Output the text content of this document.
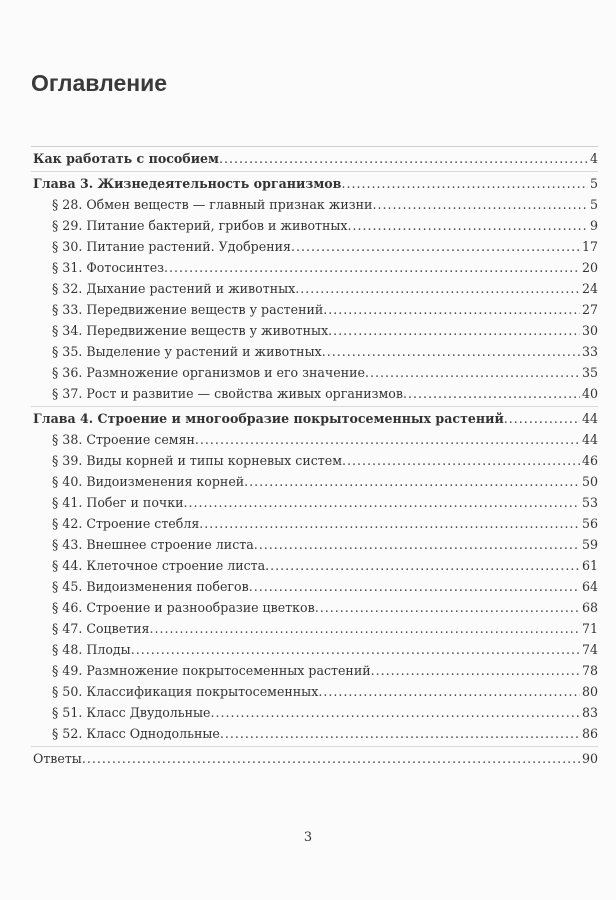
Оглавление
Как работать с пособием .....	4
Глава 3. Жизнедеятельность организмов .....	5
§ 28. Обмен веществ — главный признак жизни .....	5
§ 29. Питание бактерий, грибов и животных .....	9
§ 30. Питание растений. Удобрения .....	17
§ 31. Фотосинтез .....	20
§ 32. Дыхание растений и животных .....	24
§ 33. Передвижение веществ у растений .....	27
§ 34. Передвижение веществ у животных .....	30
§ 35. Выделение у растений и животных .....	33
§ 36. Размножение организмов и его значение .....	35
§ 37. Рост и развитие — свойства живых организмов .....	40
Глава 4. Строение и многообразие покрытосеменных растений .....	44
§ 38. Строение семян .....	44
§ 39. Виды корней и типы корневых систем .....	46
§ 40. Видоизменения корней .....	50
§ 41. Побег и почки .....	53
§ 42. Строение стебля .....	56
§ 43. Внешнее строение листа .....	59
§ 44. Клеточное строение листа .....	61
§ 45. Видоизменения побегов .....	64
§ 46. Строение и разнообразие цветков .....	68
§ 47. Соцветия .....	71
§ 48. Плоды .....	74
§ 49. Размножение покрытосеменных растений .....	78
§ 50. Классификация покрытосеменных .....	80
§ 51. Класс Двудольные .....	83
§ 52. Класс Однодольные .....	86
Ответы .....	90
3
